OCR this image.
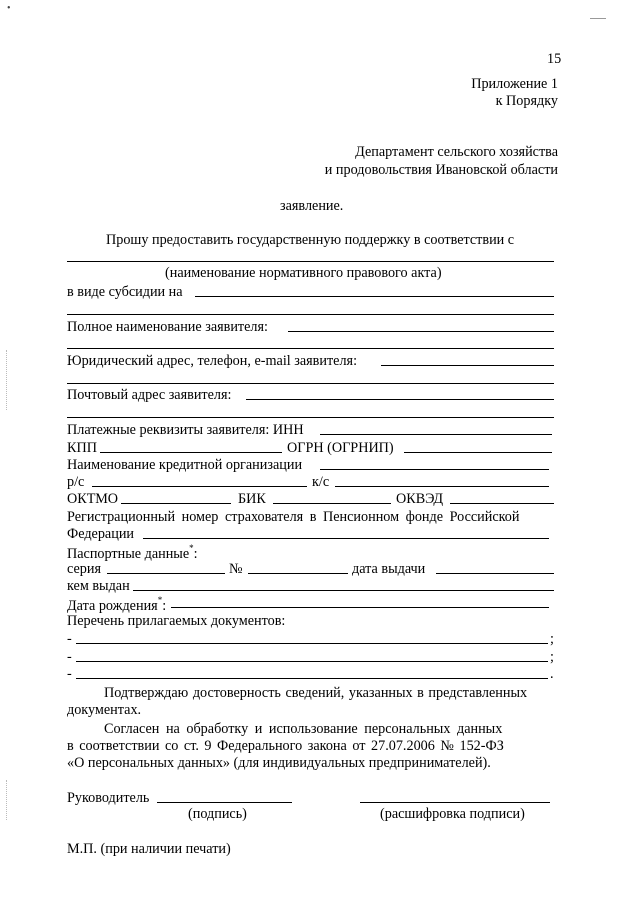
•
15
Приложение 1
к Порядку
Департамент сельского хозяйства
и продовольствия Ивановской области
заявление.
Прошу предоставить государственную поддержку в соответствии с
(наименование нормативного правового акта)
в виде субсидии на
Полное наименование заявителя:
Юридический адрес, телефон, e-mail заявителя:
Почтовый адрес заявителя:
Платежные реквизиты заявителя: ИНН
КПП	ОГРН (ОГРНИП)
Наименование кредитной организации
р/с	к/с
ОКТМО	БИК	ОКВЭД
Регистрационный номер страхователя в Пенсионном фонде Российской
Федерации
Паспортные данные*:
серия	№	дата выдачи
кем выдан
Дата рождения*:
Перечень прилагаемых документов:
-	;
-	;
-	.
Подтверждаю достоверность сведений, указанных в представленных
документах.
Согласен на обработку и использование персональных данных
в соответствии со ст. 9 Федерального закона от 27.07.2006 № 152-ФЗ
«О персональных данных» (для индивидуальных предпринимателей).
Руководитель
(подпись)	(расшифровка подписи)
М.П. (при наличии печати)
